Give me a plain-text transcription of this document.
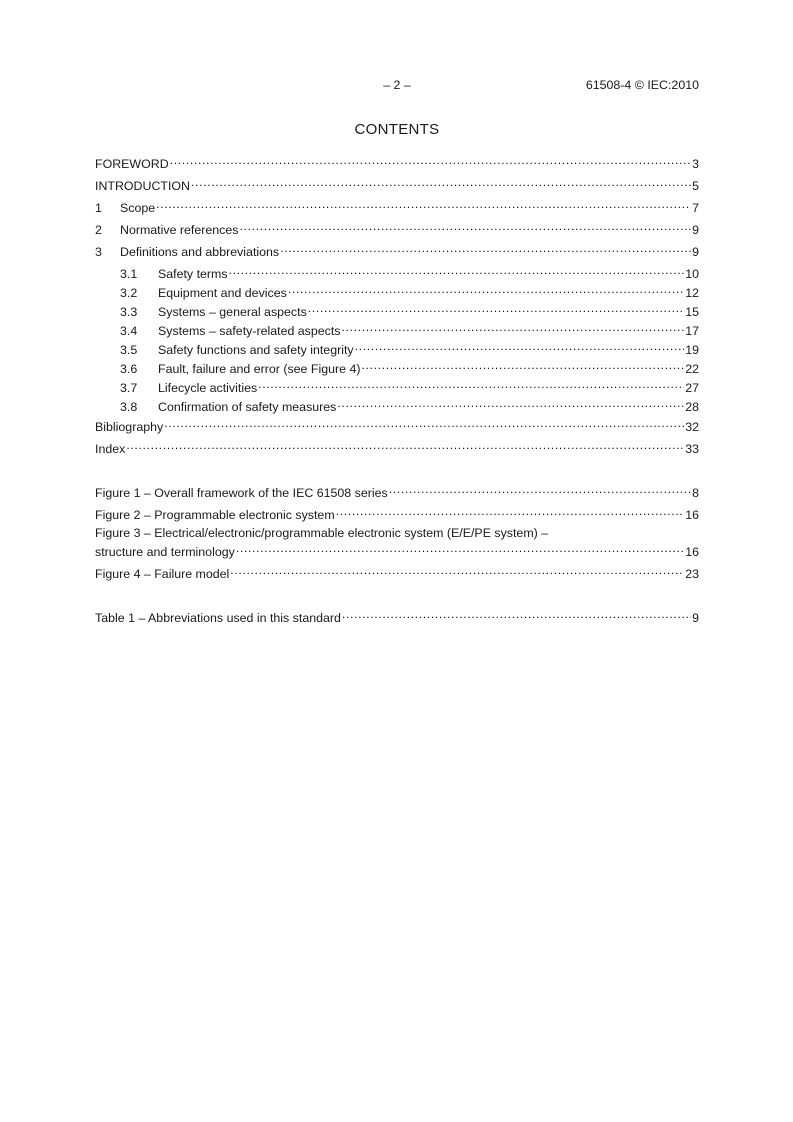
– 2 –	61508-4 © IEC:2010
CONTENTS
FOREWORD .....	3
INTRODUCTION .....	5
1	Scope .....	7
2	Normative references .....	9
3	Definitions and abbreviations .....	9
3.1	Safety terms .....	10
3.2	Equipment and devices .....	12
3.3	Systems – general aspects .....	15
3.4	Systems – safety-related aspects .....	17
3.5	Safety functions and safety integrity .....	19
3.6	Fault, failure and error (see Figure 4) .....	22
3.7	Lifecycle activities .....	27
3.8	Confirmation of safety measures .....	28
Bibliography .....	32
Index .....	33
Figure 1 – Overall framework of the IEC 61508 series .....	8
Figure 2 – Programmable electronic system .....	16
Figure 3 – Electrical/electronic/programmable electronic system (E/E/PE system) –
structure and terminology .....	16
Figure 4 – Failure model .....	23
Table 1 – Abbreviations used in this standard .....	9
